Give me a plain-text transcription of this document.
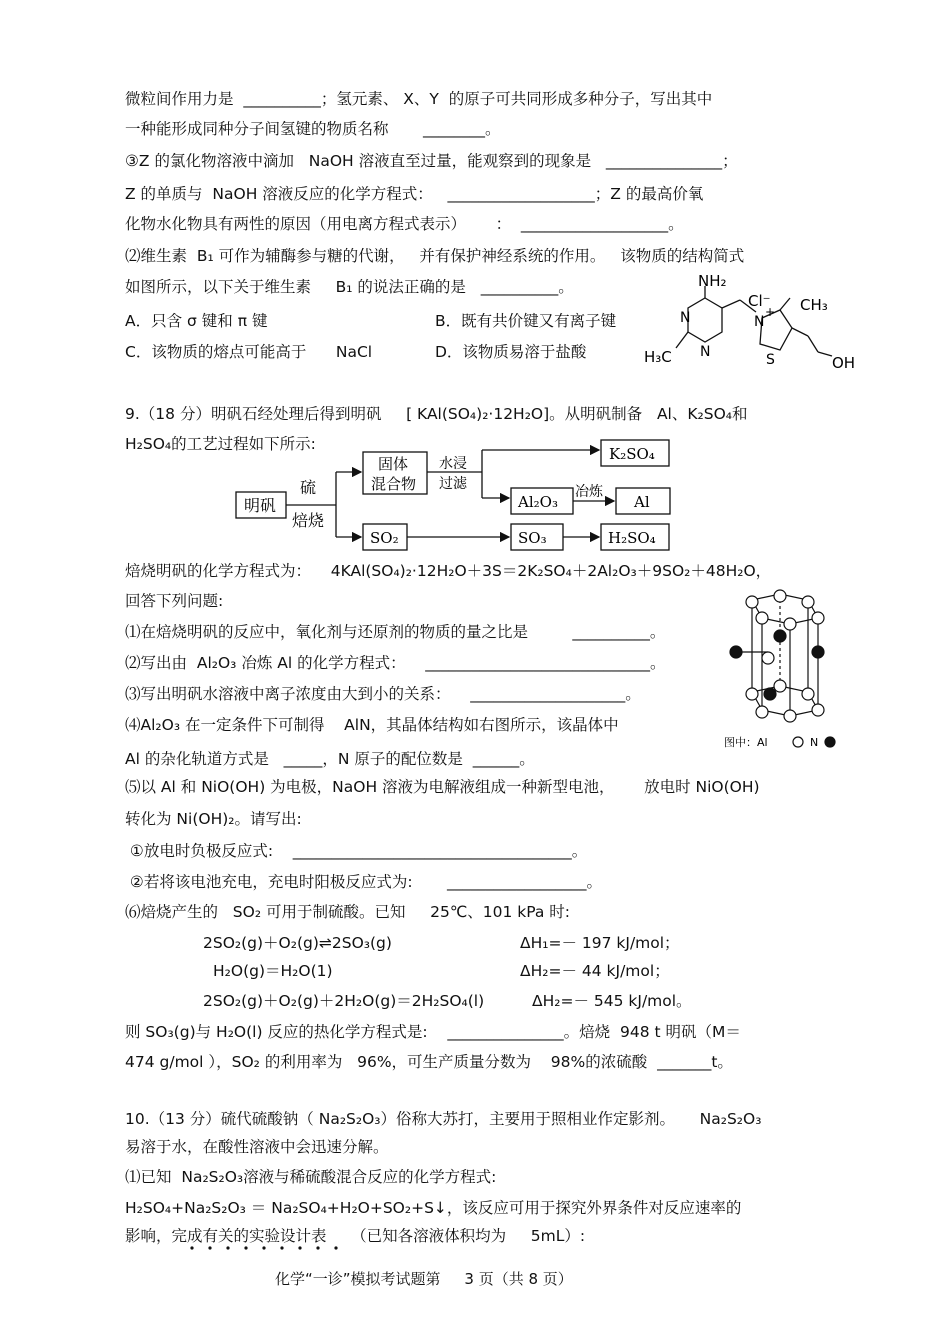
微粒间作用力是  __________；氢元素、 X、Y  的原子可共同形成多种分子，写出其中
一种能形成同种分子间氢键的物质名称       ________。
③Z 的氯化物溶液中滴加   NaOH 溶液直至过量，能观察到的现象是   _______________；
Z 的单质与  NaOH 溶液反应的化学方程式：   ___________________；Z 的最高价氧
化物水化物具有两性的原因（用电离方程式表示）      ：  ___________________。
⑵维生素  B₁ 可作为辅酶参与糖的代谢，   并有保护神经系统的作用。   该物质的结构简式
如图所示，以下关于维生素     B₁ 的说法正确的是   __________。
A．只含 σ 键和 π 键	B．既有共价键又有离子键
C．该物质的熔点可能高于      NaCl	D．该物质易溶于盐酸
NH₂
Cl⁻ CH₃
+
N
N
N
H₃C	S	OH
9.（18 分）明矾石经处理后得到明矾     [ KAl(SO₄)₂·12H₂O]。从明矾制备   Al、K₂SO₄和
H₂SO₄的工艺过程如下所示:
明矾
硫
焙烧
固体
混合物
水浸
过滤
K₂SO₄
Al₂O₃
冶炼
Al
SO₂	SO₃	H₂SO₄
焙烧明矾的化学方程式为：    4KAl(SO₄)₂·12H₂O＋3S＝2K₂SO₄＋2Al₂O₃＋9SO₂＋48H₂O，
回答下列问题:
⑴在焙烧明矾的反应中，氧化剂与还原剂的物质的量之比是         __________。
⑵写出由  Al₂O₃ 冶炼 Al 的化学方程式：    _____________________________。
⑶写出明矾水溶液中离子浓度由大到小的关系：    ____________________。
⑷Al₂O₃ 在一定条件下可制得    AlN，其晶体结构如右图所示，该晶体中
Al 的杂化轨道方式是   _____，N 原子的配位数是  ______。
图中：Al	N
⑸以 Al 和 NiO(OH) 为电极，NaOH 溶液为电解液组成一种新型电池，      放电时 NiO(OH)
转化为 Ni(OH)₂。请写出:
①放电时负极反应式:    ____________________________________。
②若将该电池充电，充电时阳极反应式为:       __________________。
⑹焙烧产生的   SO₂ 可用于制硫酸。已知     25℃、101 kPa 时:
2SO₂(g)＋O₂(g)⇌2SO₃(g)	ΔH₁=－ 197 kJ/mol；
H₂O(g)＝H₂O(1)	ΔH₂=－ 44 kJ/mol；
2SO₂(g)＋O₂(g)＋2H₂O(g)＝2H₂SO₄(l)	ΔH₂=－ 545 kJ/mol。
则 SO₃(g)与 H₂O(l) 反应的热化学方程式是:    _______________。焙烧  948 t 明矾（M＝
474 g/mol ），SO₂ 的利用率为   96%，可生产质量分数为    98%的浓硫酸  _______t。
10.（13 分）硫代硫酸钠（ Na₂S₂O₃）俗称大苏打，主要用于照相业作定影剂。     Na₂S₂O₃
易溶于水，在酸性溶液中会迅速分解。
⑴已知  Na₂S₂O₃溶液与稀硫酸混合反应的化学方程式:
H₂SO₄+Na₂S₂O₃ ＝ Na₂SO₄+H₂O+SO₂+S↓，该反应可用于探究外界条件对反应速率的
影响，完成有关的实验设计表     （已知各溶液体积均为     5mL）:
化学“一诊”模拟考试题第     3 页（共 8 页）
